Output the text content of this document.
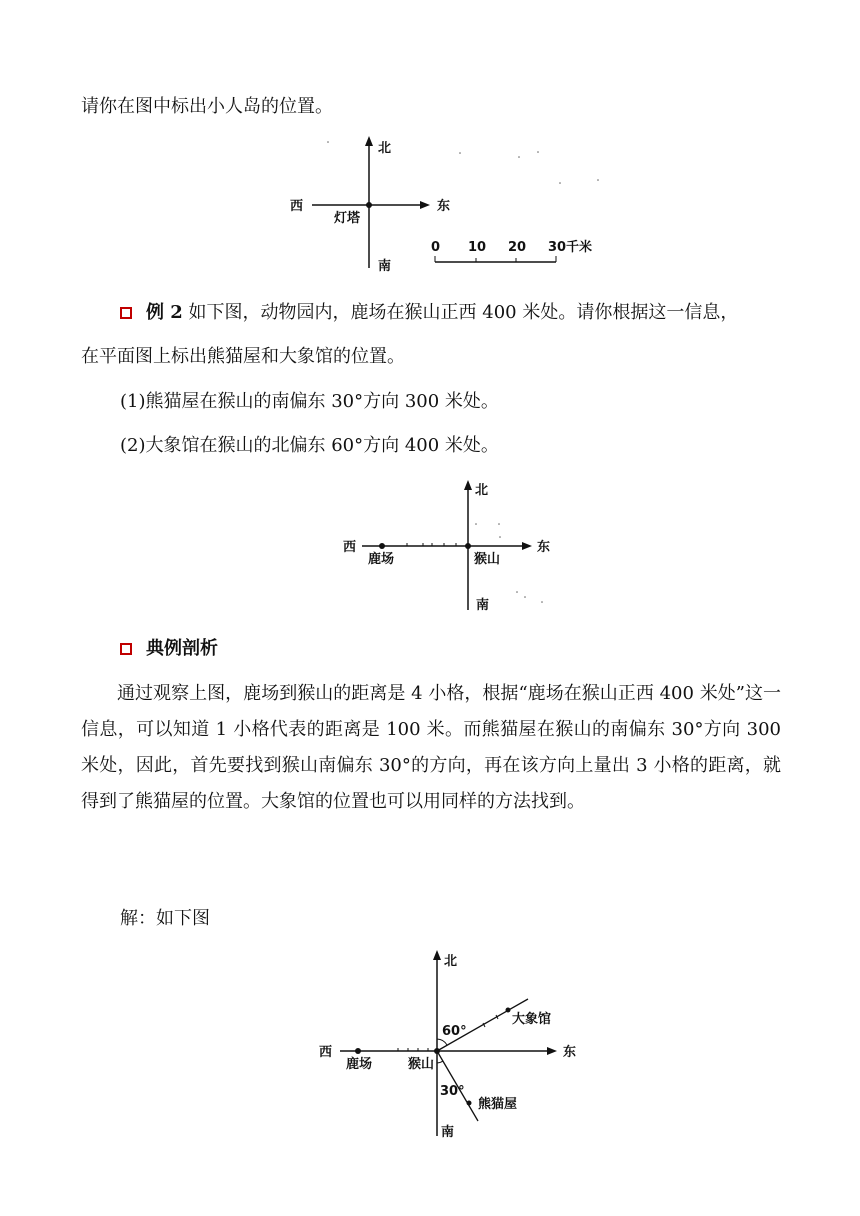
请你在图中标出小人岛的位置。
北
南
西	东
灯塔
0 10 20 30 千米
例 2 如下图，动物园内，鹿场在猴山正西 400 米处。请你根据这一信息，
在平面图上标出熊猫屋和大象馆的位置。
(1)熊猫屋在猴山的南偏东 30°方向 300 米处。
(2)大象馆在猴山的北偏东 60°方向 400 米处。
北
南
西	东
鹿场	猴山
典例剖析

通过观察上图，鹿场到猴山的距离是 4 小格，根据“鹿场在猴山正西 400 米处”这一信息，可以知道 1 小格代表的距离是 100 米。而熊猫屋在猴山的南偏东 30°方向 300 米处，因此，首先要找到猴山南偏东 30°的方向，再在该方向上量出 3 小格的距离，就得到了熊猫屋的位置。大象馆的位置也可以用同样的方法找到。

解：如下图
北
南
西	东
鹿场	猴山
60°
30°
大象馆
熊猫屋
